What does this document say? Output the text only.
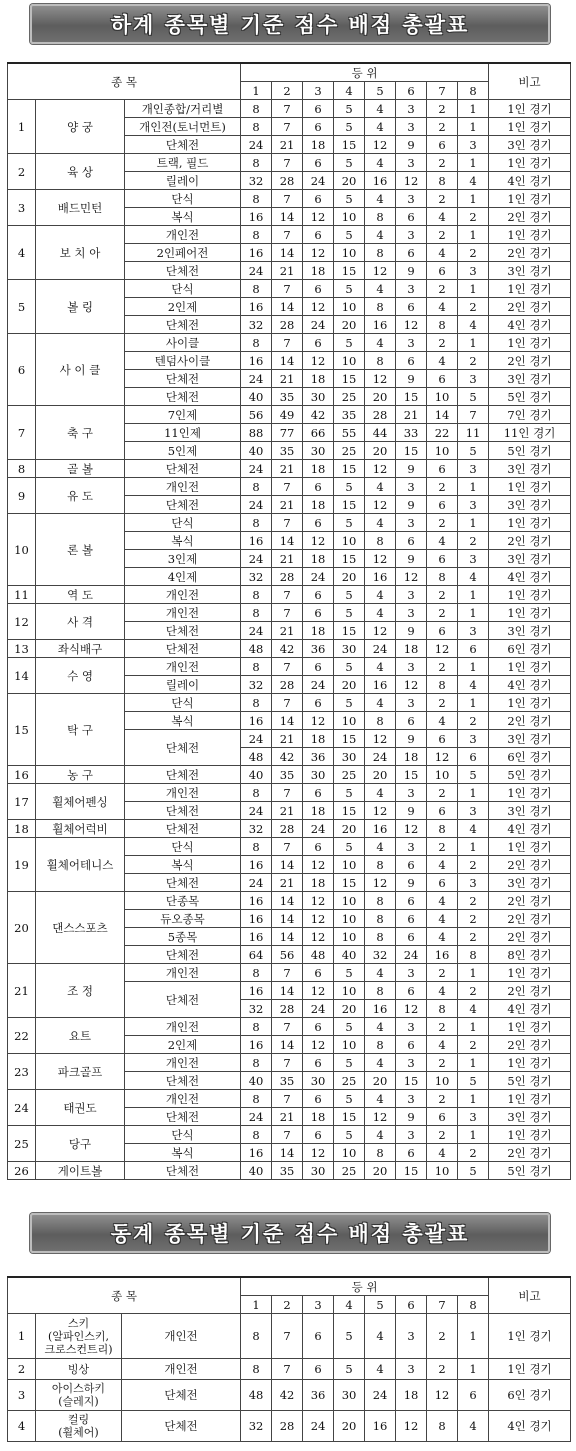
하계 종목별 기준 점수 배점 총괄표
종 목			등 위								비고
			1	2	3	4	5	6	7	8	
1	양 궁	개인종합/거리별	8	7	6	5	4	3	2	1	1인 경기
		개인전(토너먼트)	8	7	6	5	4	3	2	1	1인 경기
		단체전	24	21	18	15	12	9	6	3	3인 경기
2	육 상	트랙, 필드	8	7	6	5	4	3	2	1	1인 경기
		릴레이	32	28	24	20	16	12	8	4	4인 경기
3	배드민턴	단식	8	7	6	5	4	3	2	1	1인 경기
		복식	16	14	12	10	8	6	4	2	2인 경기
4	보 치 아	개인전	8	7	6	5	4	3	2	1	1인 경기
		2인페어전	16	14	12	10	8	6	4	2	2인 경기
		단체전	24	21	18	15	12	9	6	3	3인 경기
5	볼 링	단식	8	7	6	5	4	3	2	1	1인 경기
		2인제	16	14	12	10	8	6	4	2	2인 경기
		단체전	32	28	24	20	16	12	8	4	4인 경기
6	사 이 클	사이클	8	7	6	5	4	3	2	1	1인 경기
		텐덤사이클	16	14	12	10	8	6	4	2	2인 경기
		단체전	24	21	18	15	12	9	6	3	3인 경기
		단체전	40	35	30	25	20	15	10	5	5인 경기
7	축 구	7인제	56	49	42	35	28	21	14	7	7인 경기
		11인제	88	77	66	55	44	33	22	11	11인 경기
		5인제	40	35	30	25	20	15	10	5	5인 경기
8	골 볼	단체전	24	21	18	15	12	9	6	3	3인 경기
9	유 도	개인전	8	7	6	5	4	3	2	1	1인 경기
		단체전	24	21	18	15	12	9	6	3	3인 경기
10	론 볼	단식	8	7	6	5	4	3	2	1	1인 경기
		복식	16	14	12	10	8	6	4	2	2인 경기
		3인제	24	21	18	15	12	9	6	3	3인 경기
		4인제	32	28	24	20	16	12	8	4	4인 경기
11	역 도	개인전	8	7	6	5	4	3	2	1	1인 경기
12	사 격	개인전	8	7	6	5	4	3	2	1	1인 경기
		단체전	24	21	18	15	12	9	6	3	3인 경기
13	좌식배구	단체전	48	42	36	30	24	18	12	6	6인 경기
14	수 영	개인전	8	7	6	5	4	3	2	1	1인 경기
		릴레이	32	28	24	20	16	12	8	4	4인 경기
15	탁 구	단식	8	7	6	5	4	3	2	1	1인 경기
		복식	16	14	12	10	8	6	4	2	2인 경기
		단체전	24	21	18	15	12	9	6	3	3인 경기
			48	42	36	30	24	18	12	6	6인 경기
16	농 구	단체전	40	35	30	25	20	15	10	5	5인 경기
17	휠체어펜싱	개인전	8	7	6	5	4	3	2	1	1인 경기
		단체전	24	21	18	15	12	9	6	3	3인 경기
18	휠체어럭비	단체전	32	28	24	20	16	12	8	4	4인 경기
19	휠체어테니스	단식	8	7	6	5	4	3	2	1	1인 경기
		복식	16	14	12	10	8	6	4	2	2인 경기
		단체전	24	21	18	15	12	9	6	3	3인 경기
20	댄스스포츠	단종목	16	14	12	10	8	6	4	2	2인 경기
		듀오종목	16	14	12	10	8	6	4	2	2인 경기
		5종목	16	14	12	10	8	6	4	2	2인 경기
		단체전	64	56	48	40	32	24	16	8	8인 경기
21	조 정	개인전	8	7	6	5	4	3	2	1	1인 경기
		단체전	16	14	12	10	8	6	4	2	2인 경기
			32	28	24	20	16	12	8	4	4인 경기
22	요트	개인전	8	7	6	5	4	3	2	1	1인 경기
		2인제	16	14	12	10	8	6	4	2	2인 경기
23	파크골프	개인전	8	7	6	5	4	3	2	1	1인 경기
		단체전	40	35	30	25	20	15	10	5	5인 경기
24	태권도	개인전	8	7	6	5	4	3	2	1	1인 경기
		단체전	24	21	18	15	12	9	6	3	3인 경기
25	당구	단식	8	7	6	5	4	3	2	1	1인 경기
		복식	16	14	12	10	8	6	4	2	2인 경기
26	게이트볼	단체전	40	35	30	25	20	15	10	5	5인 경기
동계 종목별 기준 점수 배점 총괄표
종 목			등 위								비고
			1	2	3	4	5	6	7	8	
1	스키
(알파인스키,
크로스컨트리)	개인전	8	7	6	5	4	3	2	1	1인 경기
2	빙상	개인전	8	7	6	5	4	3	2	1	1인 경기
3	아이스하키
(슬레지)	단체전	48	42	36	30	24	18	12	6	6인 경기
4	컬링
(휠체어)	단체전	32	28	24	20	16	12	8	4	4인 경기
